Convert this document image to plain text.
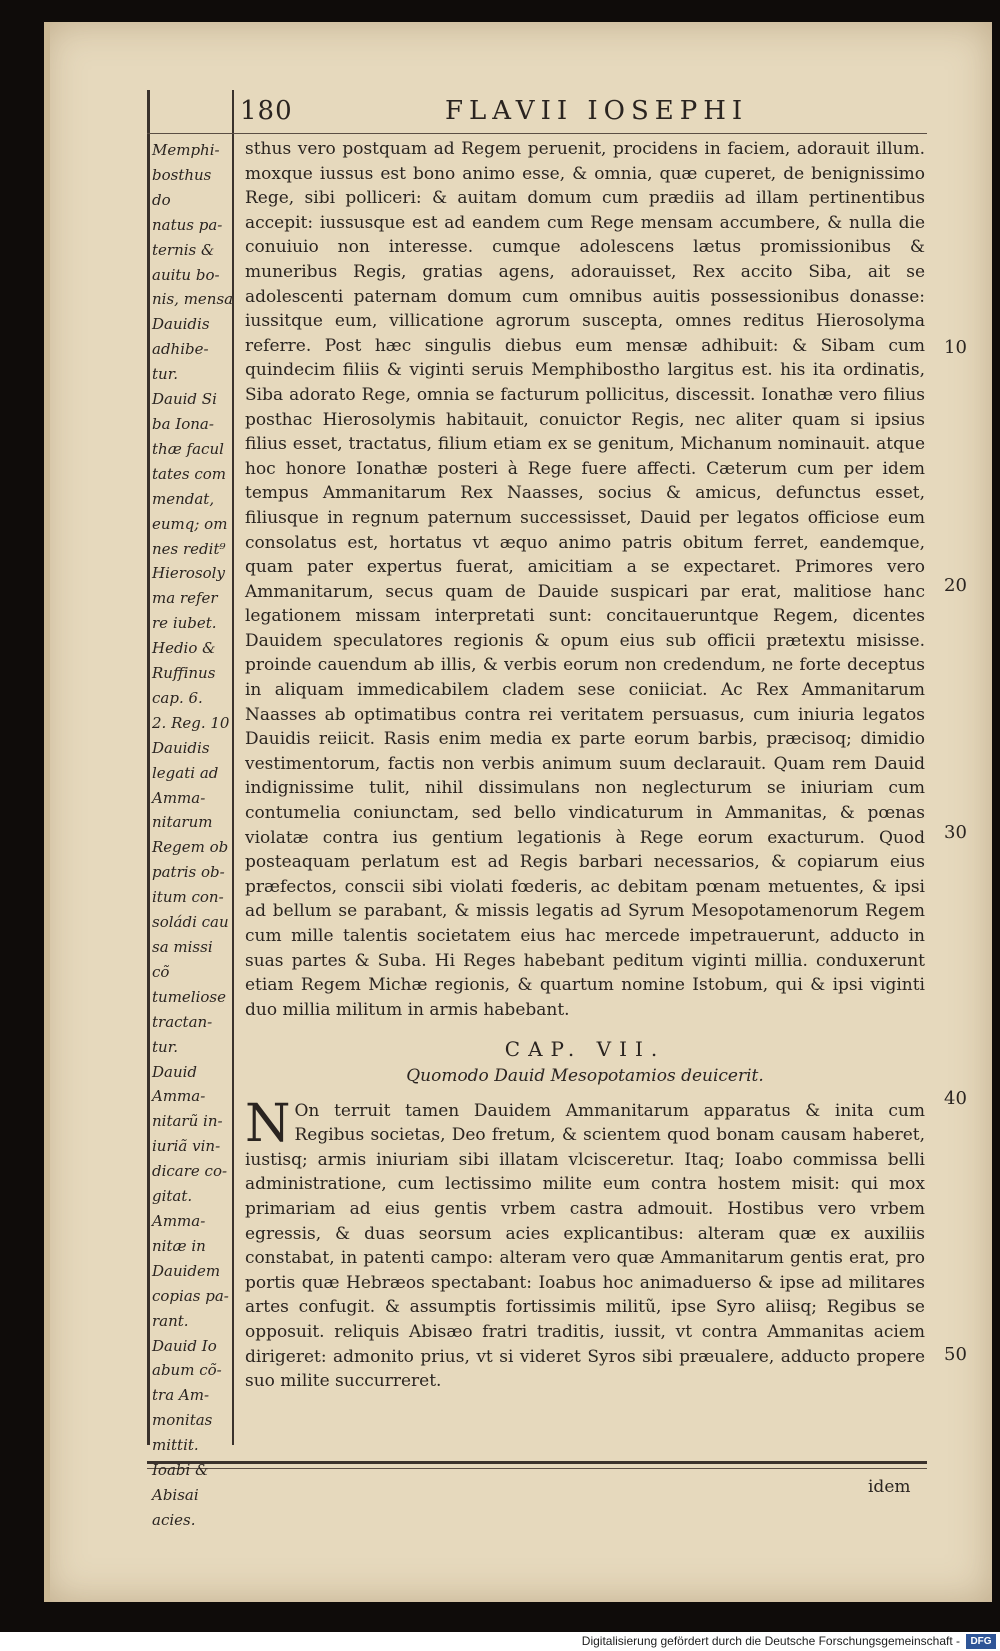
180	FLAVII IOSEPHI
Memphi-
bosthus do
natus pa-
ternis &
auitu bo-
nis, mensa
Dauidis
adhibe-
tur.
Dauid Si
ba Iona-
thæ facul
tates com
mendat,
eumq; om
nes redit⁹
Hierosoly
ma refer
re iubet.
Hedio &
Ruffinus
cap. 6.
2. Reg. 10
Dauidis
legati ad
Amma-
nitarum
Regem ob
patris ob-
itum con-
soládi cau
sa missi cõ
tumeliose
tractan-
tur.
Dauid
Amma-
nitarũ in-
iuriã vin-
dicare co-
gitat.
Amma-
nitæ in
Dauidem
copias pa-
rant.
Dauid Io
abum cõ-
tra Am-
monitas
mittit.
Ioabi &
Abisai
acies.

sthus vero postquam ad Regem peruenit, procidens in faciem, adorauit illum. moxque iussus est bono animo esse, & omnia, quæ cuperet, de benignissimo Rege, sibi polliceri: & auitam domum cum prædiis ad illam pertinentibus accepit: iussusque est ad eandem cum Rege mensam accumbere, & nulla die conuiuio non interesse. cumque adolescens lætus promissionibus & muneribus Regis, gratias agens, adorauisset, Rex accito Siba, ait se adolescenti paternam domum cum omnibus auitis possessionibus donasse: iussitque eum, villicatione agrorum suscepta, omnes reditus Hierosolyma referre. Post hæc singulis diebus eum mensæ adhibuit: & Sibam cum quindecim filiis & viginti seruis Memphibostho largitus est. his ita ordinatis, Siba adorato Rege, omnia se facturum pollicitus, discessit. Ionathæ vero filius posthac Hierosolymis habitauit, conuictor Regis, nec aliter quam si ipsius filius esset, tractatus, filium etiam ex se genitum, Michanum nominauit. atque hoc honore Ionathæ posteri à Rege fuere affecti. Cæterum cum per idem tempus Ammanitarum Rex Naasses, socius & amicus, defunctus esset, filiusque in regnum paternum successisset, Dauid per legatos officiose eum consolatus est, hortatus vt æquo animo patris obitum ferret, eandemque, quam pater expertus fuerat, amicitiam a se expectaret. Primores vero Ammanitarum, secus quam de Dauide suspicari par erat, malitiose hanc legationem missam interpretati sunt: concitaueruntque Regem, dicentes Dauidem speculatores regionis & opum eius sub officii prætextu misisse. proinde cauendum ab illis, & verbis eorum non credendum, ne forte deceptus in aliquam immedicabilem cladem sese coniiciat. Ac Rex Ammanitarum Naasses ab optimatibus contra rei veritatem persuasus, cum iniuria legatos Dauidis reiicit. Rasis enim media ex parte eorum barbis, præcisoq; dimidio vestimentorum, factis non verbis animum suum declarauit. Quam rem Dauid indignissime tulit, nihil dissimulans non neglecturum se iniuriam cum contumelia coniunctam, sed bello vindicaturum in Ammanitas, & pœnas violatæ contra ius gentium legationis à Rege eorum exacturum. Quod posteaquam perlatum est ad Regis barbari necessarios, & copiarum eius præfectos, conscii sibi violati fœderis, ac debitam pœnam metuentes, & ipsi ad bellum se parabant, & missis legatis ad Syrum Mesopotamenorum Regem cum mille talentis societatem eius hac mercede impetrauerunt, adducto in suas partes & Suba. Hi Reges habebant peditum viginti millia. conduxerunt etiam Regem Michæ regionis, & quartum nomine Istobum, qui & ipsi viginti duo millia militum in armis habebant.

CAP. VII.
Quomodo Dauid Mesopotamios deuicerit.

N On terruit tamen Dauidem Ammanitarum apparatus & inita cum Regibus societas, Deo fretum, & scientem quod bonam causam haberet, iustisq; armis iniuriam sibi illatam vlcisceretur. Itaq; Ioabo commissa belli administratione, cum lectissimo milite eum contra hostem misit: qui mox primariam ad eius gentis vrbem castra admouit. Hostibus vero vrbem egressis, & duas seorsum acies explicantibus: alteram quæ ex auxiliis constabat, in patenti campo: alteram vero quæ Ammanitarum gentis erat, pro portis quæ Hebræos spectabant: Ioabus hoc animaduerso & ipse ad militares artes confugit. & assumptis fortissimis militũ, ipse Syro aliisq; Regibus se opposuit. reliquis Abisæo fratri traditis, iussit, vt contra Ammanitas aciem dirigeret: admonito prius, vt si videret Syros sibi præualere, adducto propere suo milite succurreret.

10
20
30
40
50
idem
Digitalisierung gefördert durch die Deutsche Forschungsgemeinschaft -	DFG
